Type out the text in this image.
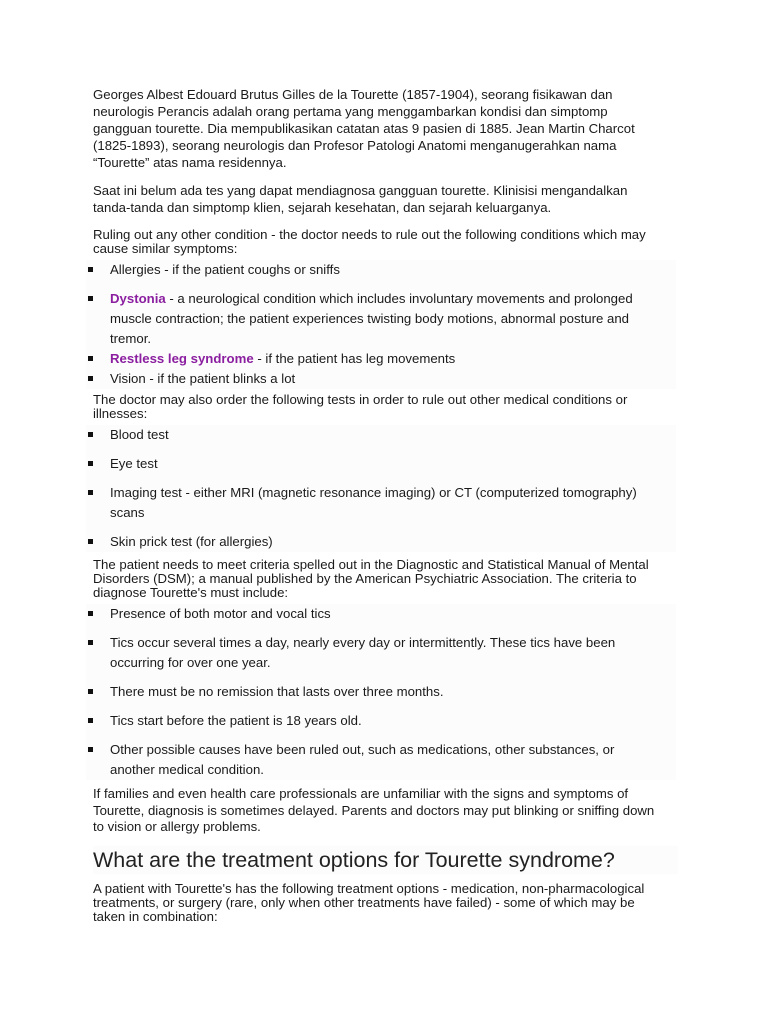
Georges Albest Edouard Brutus Gilles de la Tourette (1857-1904), seorang fisikawan dan
neurologis Perancis adalah orang pertama yang menggambarkan kondisi dan simptomp
gangguan tourette. Dia mempublikasikan catatan atas 9 pasien di 1885. Jean Martin Charcot
(1825-1893), seorang neurologis dan Profesor Patologi Anatomi menganugerahkan nama
“Tourette” atas nama residennya.
Saat ini belum ada tes yang dapat mendiagnosa gangguan tourette. Klinisisi mengandalkan
tanda-tanda dan simptomp klien, sejarah kesehatan, dan sejarah keluarganya.
Ruling out any other condition - the doctor needs to rule out the following conditions which may
cause similar symptoms:
Allergies - if the patient coughs or sniffs
Dystonia - a neurological condition which includes involuntary movements and prolonged
muscle contraction; the patient experiences twisting body motions, abnormal posture and
tremor.
Restless leg syndrome - if the patient has leg movements
Vision - if the patient blinks a lot
The doctor may also order the following tests in order to rule out other medical conditions or
illnesses:
Blood test
Eye test
Imaging test - either MRI (magnetic resonance imaging) or CT (computerized tomography)
scans
Skin prick test (for allergies)
The patient needs to meet criteria spelled out in the Diagnostic and Statistical Manual of Mental
Disorders (DSM); a manual published by the American Psychiatric Association. The criteria to
diagnose Tourette's must include:
Presence of both motor and vocal tics
Tics occur several times a day, nearly every day or intermittently. These tics have been
occurring for over one year.
There must be no remission that lasts over three months.
Tics start before the patient is 18 years old.
Other possible causes have been ruled out, such as medications, other substances, or
another medical condition.
If families and even health care professionals are unfamiliar with the signs and symptoms of
Tourette, diagnosis is sometimes delayed. Parents and doctors may put blinking or sniffing down
to vision or allergy problems.
What are the treatment options for Tourette syndrome?
A patient with Tourette's has the following treatment options - medication, non-pharmacological
treatments, or surgery (rare, only when other treatments have failed) - some of which may be
taken in combination:
